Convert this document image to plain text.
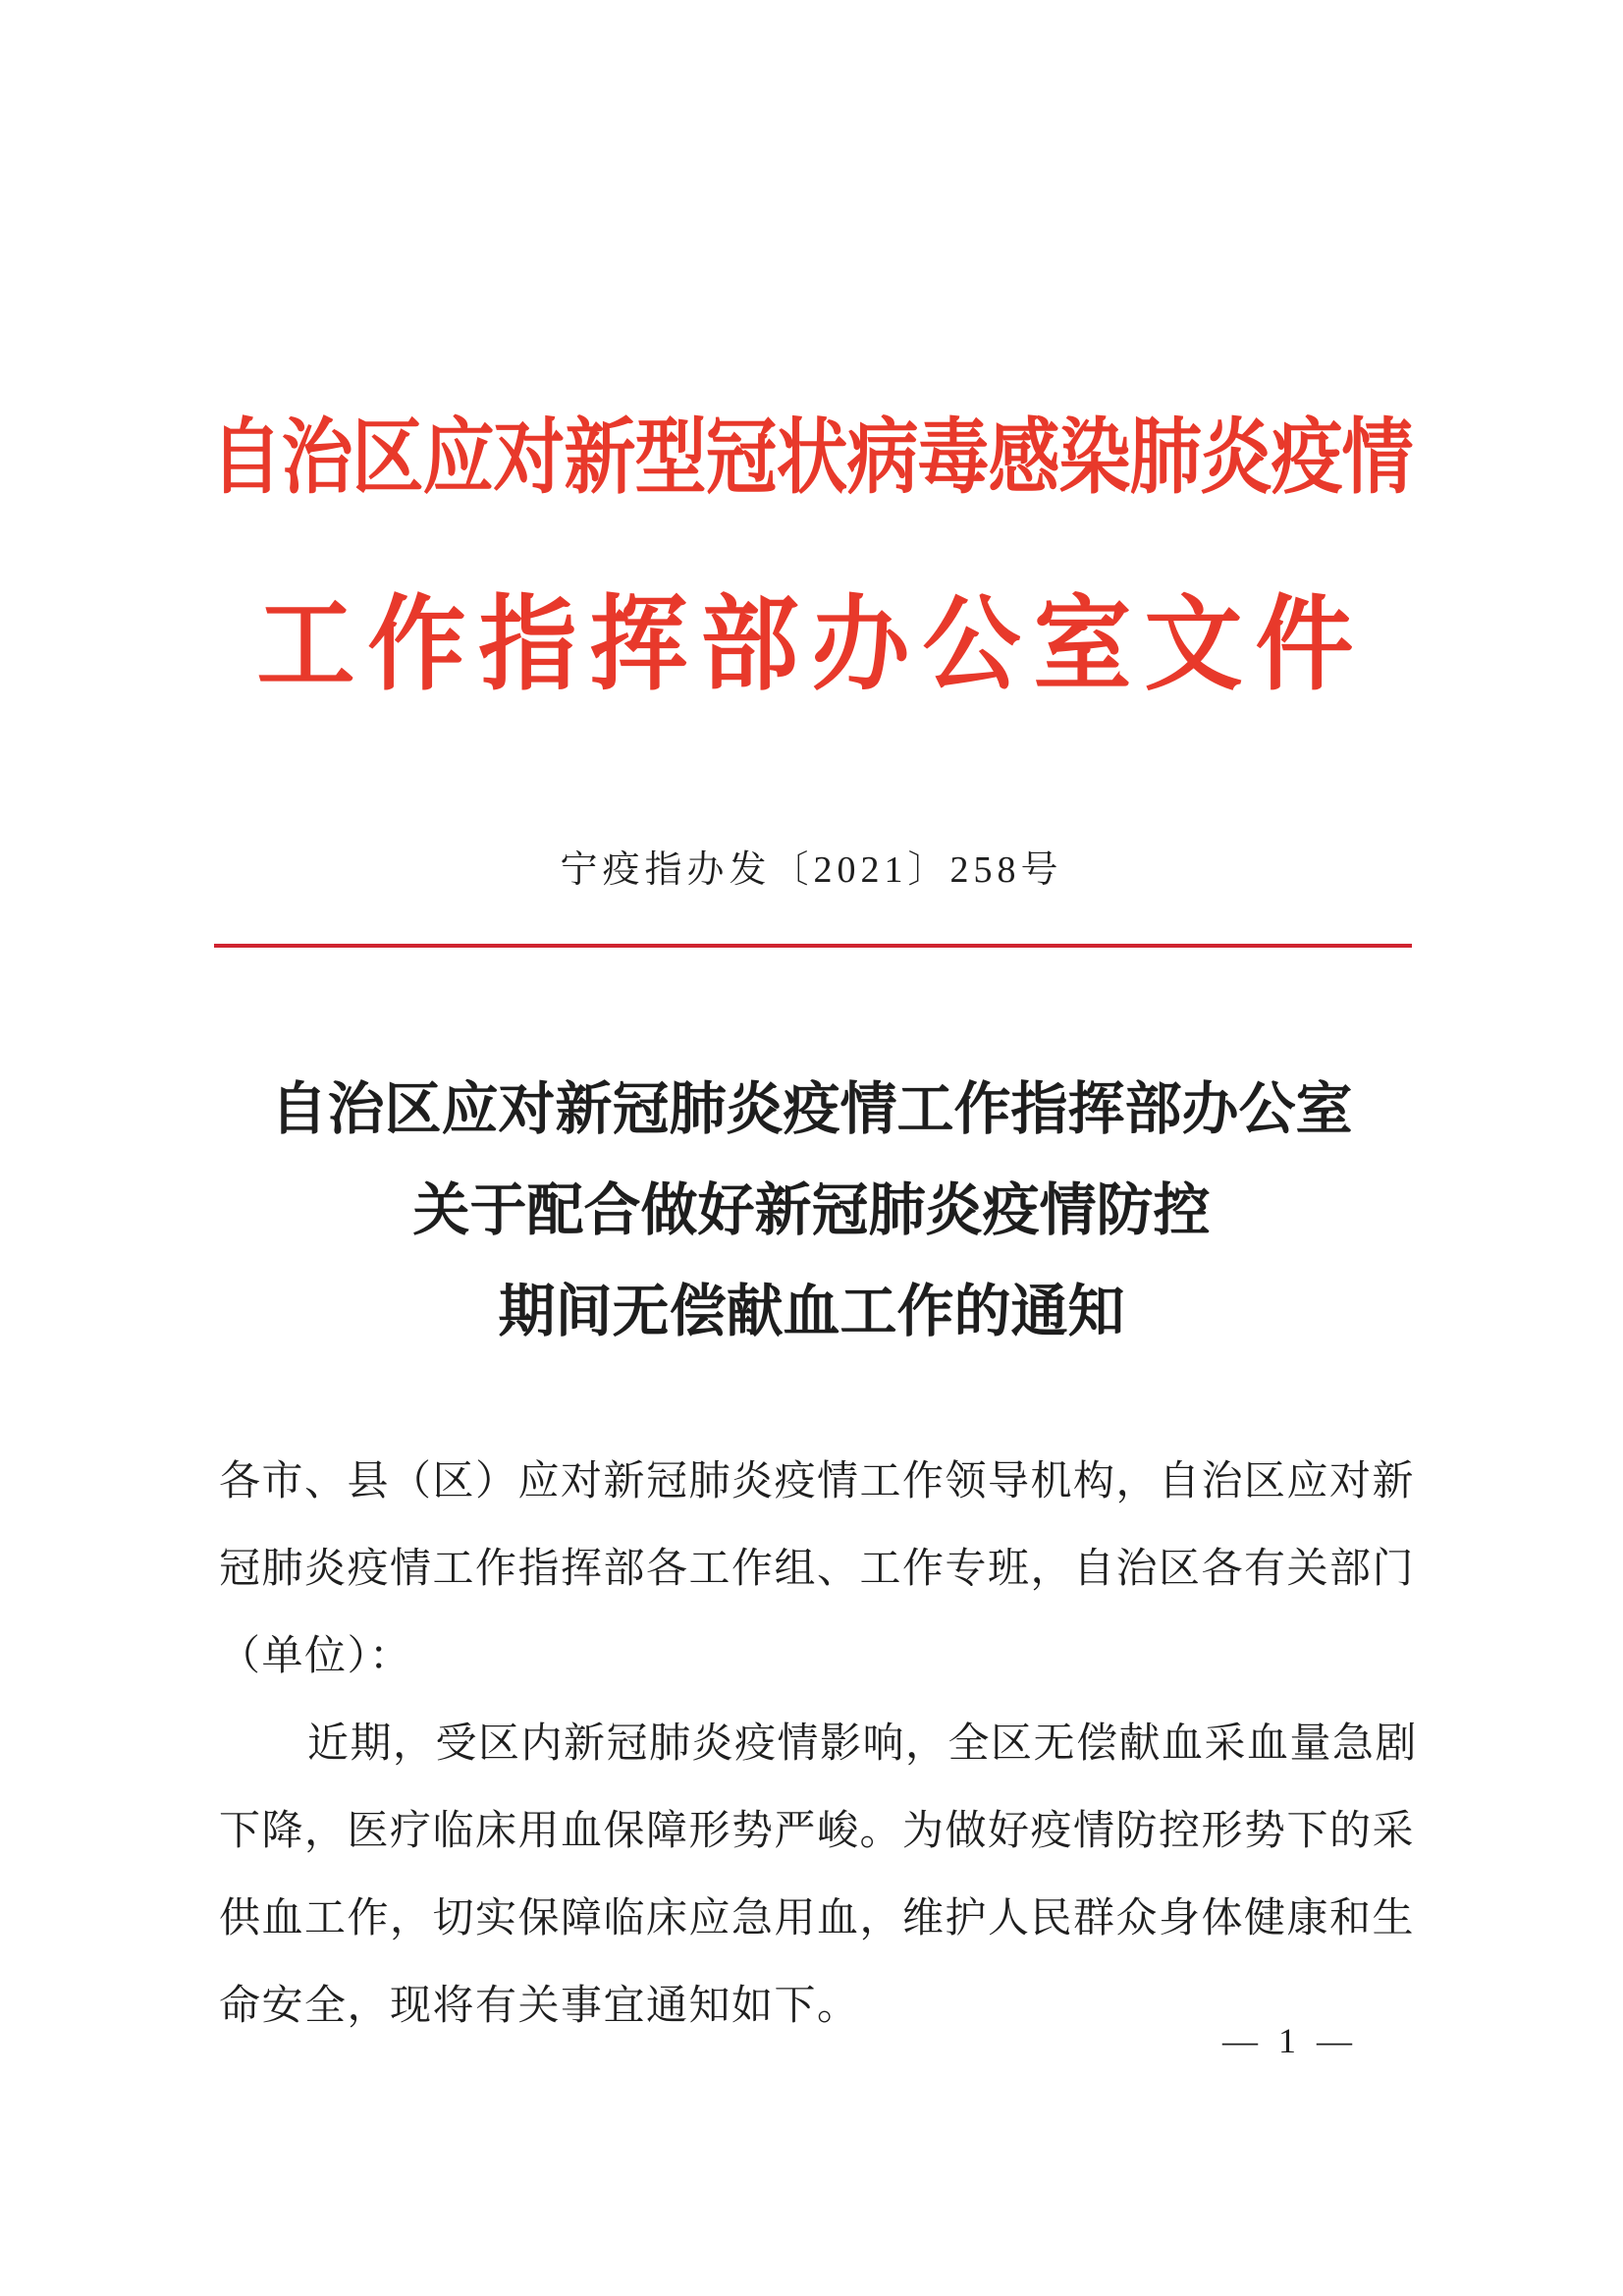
自治区应对新型冠状病毒感染肺炎疫情
工作指挥部办公室文件
宁疫指办发〔2021〕258号
自治区应对新冠肺炎疫情工作指挥部办公室
关于配合做好新冠肺炎疫情防控
期间无偿献血工作的通知
各市、县（区）应对新冠肺炎疫情工作领导机构，自治区应对新
冠肺炎疫情工作指挥部各工作组、工作专班，自治区各有关部门
（单位）：
近期，受区内新冠肺炎疫情影响，全区无偿献血采血量急剧
下降，医疗临床用血保障形势严峻。为做好疫情防控形势下的采
供血工作，切实保障临床应急用血，维护人民群众身体健康和生
命安全，现将有关事宜通知如下。
— 1 —
